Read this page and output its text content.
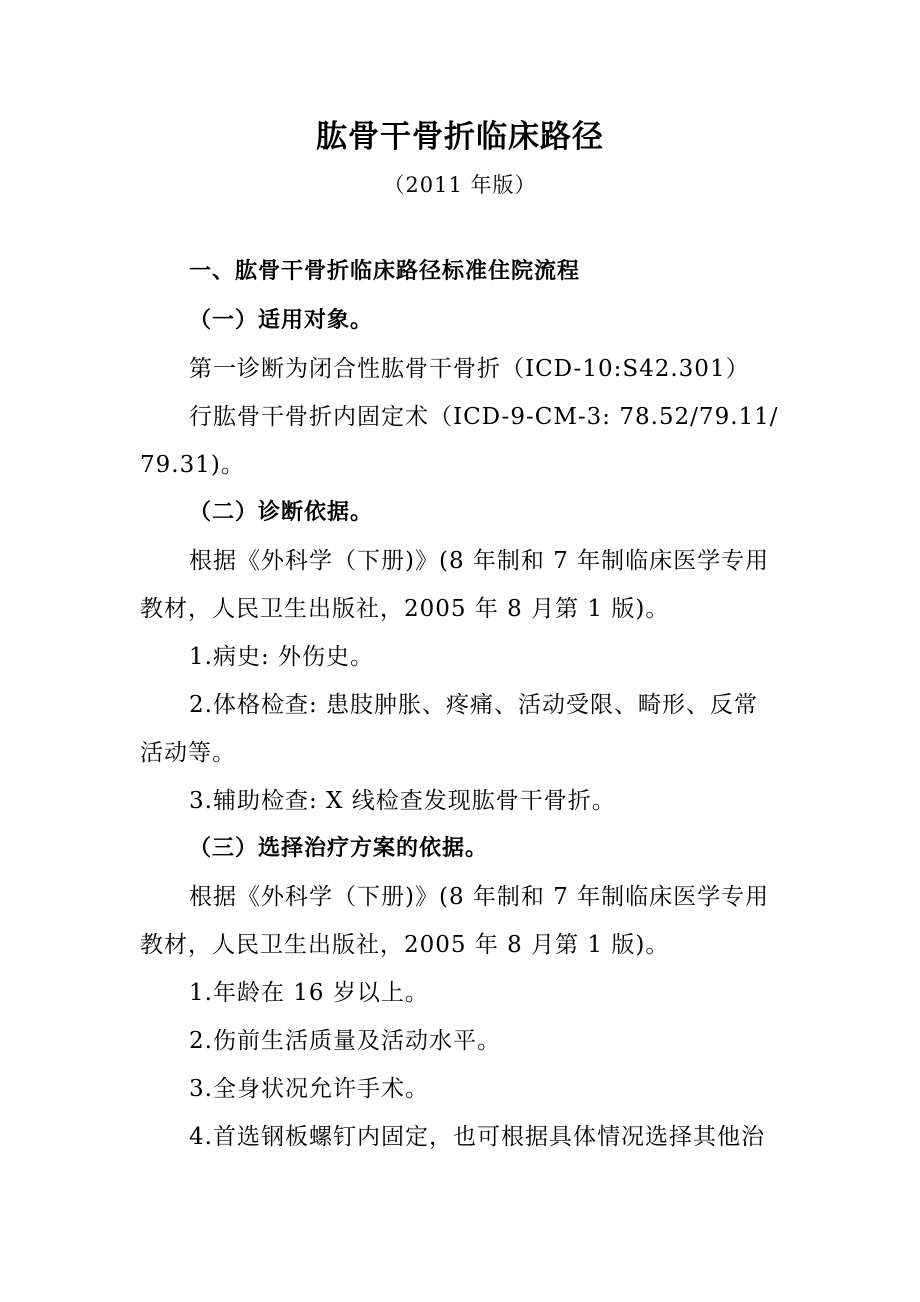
肱骨干骨折临床路径
（2011 年版）
一、肱骨干骨折临床路径标准住院流程
（一）适用对象。
第一诊断为闭合性肱骨干骨折（ICD-10:S42.301）
行肱骨干骨折内固定术（ICD-9-CM-3: 78.52/79.11/
79.31)。
（二）诊断依据。
根据《外科学（下册)》(8 年制和 7 年制临床医学专用
教材，人民卫生出版社，2005 年 8 月第 1 版)。
1.病史: 外伤史。
2.体格检查: 患肢肿胀、疼痛、活动受限、畸形、反常
活动等。
3.辅助检查: X 线检查发现肱骨干骨折。
（三）选择治疗方案的依据。
根据《外科学（下册)》(8 年制和 7 年制临床医学专用
教材，人民卫生出版社，2005 年 8 月第 1 版)。
1.年龄在 16 岁以上。
2.伤前生活质量及活动水平。
3.全身状况允许手术。
4.首选钢板螺钉内固定，也可根据具体情况选择其他治
